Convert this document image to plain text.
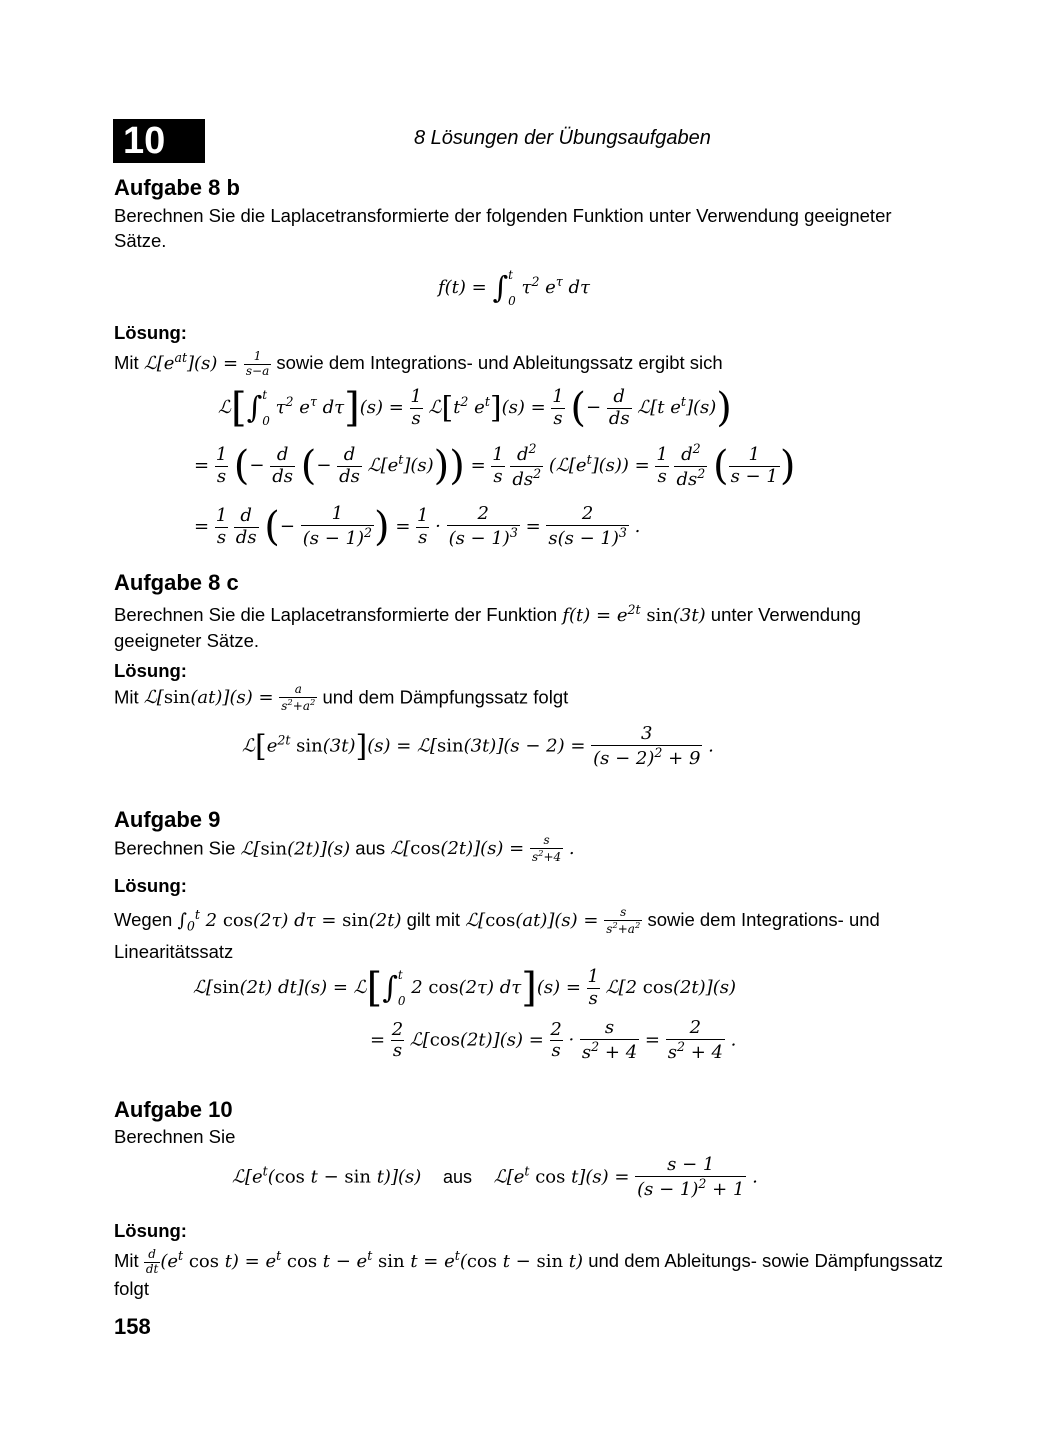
10	8 Lösungen der Übungsaufgaben
Aufgabe 8 b
Berechnen Sie die Laplacetransformierte der folgenden Funktion unter Verwendung geeigneter Sätze.
f(t) = ∫ t
0
$\tau^2$ $e^\tau$ dτ
Lösung:
Mit $ℒ[e^{at}](s) = \frac{1}{s-a}$ sowie dem Integrations- und Ableitungssatz ergibt sich
ℒ[∫ t
0
$\tau^2$ $e^\tau$ $d\tau](s) = \frac{1}{s}$ $ℒ[t^2$ $e^t](s) = \frac{1}{s}$ (− $\frac{d}{ds}$ ℒ[t $e^t](s)$)
= $\frac{1}{s}$ (− $\frac{d}{ds}$ (− $\frac{d}{ds}$ $ℒ[e^t](s))) = \frac{1}{s}$
$\frac{d^2}{ds^2}$ $(ℒ[e^t](s)) = \frac{1}{s}$
$\frac{d^2}{ds^2}$ ( $\frac{1}{s - 1}$ )
= $\frac{1}{s}$
$\frac{d}{ds}$ (− $\frac{1}{(s - 1)^2}$ ) = $\frac{1}{s} \cdot \frac{2}{(s - 1)^3} = \frac{2}{s(s - 1)^3}$ .
Aufgabe 8 c
Berechnen Sie die Laplacetransformierte der Funktion $f(t) = e^{2t}$ sin(3t) unter Verwendung geeigneter Sätze.
Lösung:
Mit ℒ[sin(at)](s) = $\frac{a}{s^2+a^2}$ und dem Dämpfungssatz folgt
$ℒ[e^{2t}$ sin(3t)](s) = ℒ[sin(3t)](s − $2) = \frac{3}{(s - 2)^2 + 9}$ .
Aufgabe 9
Berechnen Sie ℒ[sin(2t)](s) aus ℒ[cos(2t)](s) = $\frac{s}{s^2+4}$ .
Lösung:
Wegen $\int_0^t$ 2 cos(2τ) dτ = sin(2t) gilt mit ℒ[cos(at)](s) = $\frac{s}{s^2+a^2}$ sowie dem Integrations- und Linearitätssatz
ℒ[sin(2t) dt](s) = ℒ[∫ t
0
2 cos(2τ) $d\tau](s) = \frac{1}{s}$ ℒ[2 cos(2t)](s)
= $\frac{2}{s}$ ℒ[cos(2t)](s) = $\frac{2}{s} \cdot \frac{s}{s^2 + 4} = \frac{2}{s^2 + 4}$ .
Aufgabe 10
Berechnen Sie
$ℒ[e^t(\cos$ t − sin t)](s) aus $ℒ[e^t$ $\cos t](s) = \frac{s - 1}{(s - 1)^2 + 1}$ .
Lösung:
Mit $\frac{d}{dt} (e^t$ $\cos t) = e^t$ $\cos t - e^t$ $\sin t = e^t(\cos$ t − sin t) und dem Ableitungs- sowie Dämpfungssatz folgt
158
